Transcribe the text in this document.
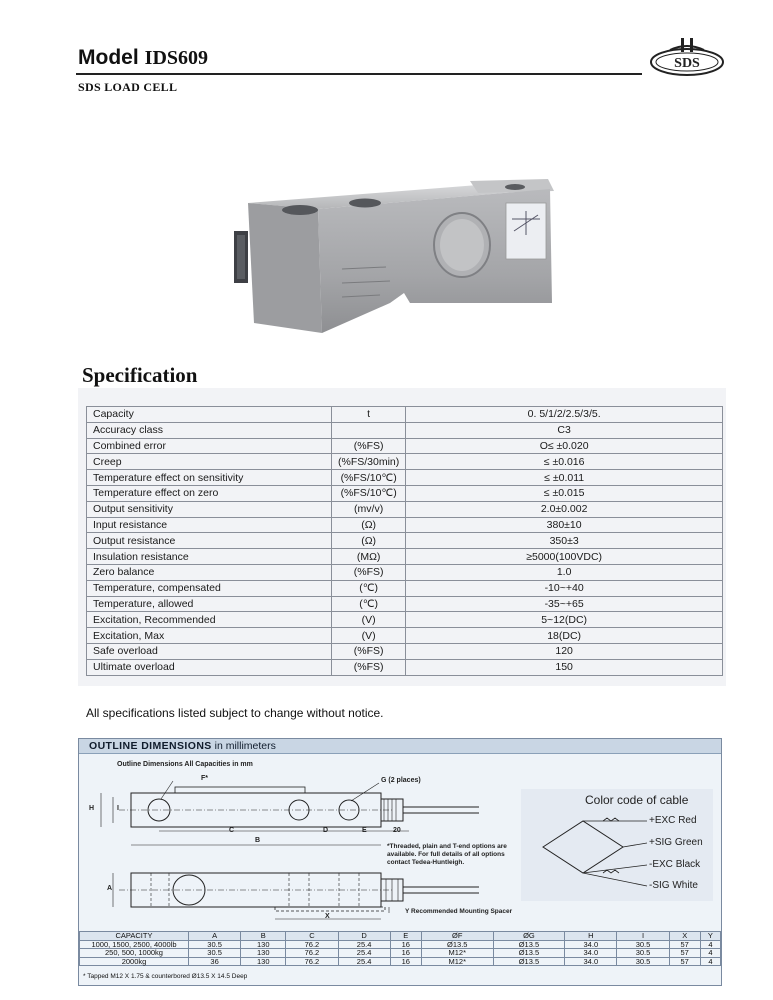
Model IDS609
SDS LOAD CELL
SDS
Specification
Capacity	t	0. 5/1/2/2.5/3/5.
Accuracy class		C3
Combined error	(%FS)	O≤ ±0.020
Creep	(%FS/30min)	≤ ±0.016
Temperature effect on sensitivity	(%FS/10℃)	≤ ±0.011
Temperature effect on zero	(%FS/10℃)	≤ ±0.015
Output sensitivity	(mv/v)	2.0±0.002
Input resistance	(Ω)	380±10
Output resistance	(Ω)	350±3
Insulation resistance	(MΩ)	≥5000(100VDC)
Zero balance	(%FS)	1.0
Temperature, compensated	(℃)	-10~+40
Temperature, allowed	(℃)	-35~+65
Excitation, Recommended	(V)	5~12(DC)
Excitation, Max	(V)	18(DC)
Safe overload	(%FS)	120
Ultimate overload	(%FS)	150
All specifications listed subject to change without notice.
OUTLINE DIMENSIONS in millimeters
Outline Dimensions All Capacities in mm
F*	G (2 places)
H	I
C	D	E	20
B
A
X
*Threaded, plain and T-end options are available. For full details of all options contact Tedea-Huntleigh.
Y Recommended Mounting Spacer
Color code of cable
+EXC Red
+SIG Green
-EXC Black
-SIG White
CAPACITY	A	B	C	D	E	ØF	ØG	H	I	X	Y
1000, 1500, 2500, 4000lb	30.5	130	76.2	25.4	16	Ø13.5	Ø13.5	34.0	30.5	57	4
250, 500, 1000kg	30.5	130	76.2	25.4	16	M12*	Ø13.5	34.0	30.5	57	4
2000kg	36	130	76.2	25.4	16	M12*	Ø13.5	34.0	30.5	57	4
* Tapped M12 X 1.75 & counterbored Ø13.5 X 14.5 Deep
